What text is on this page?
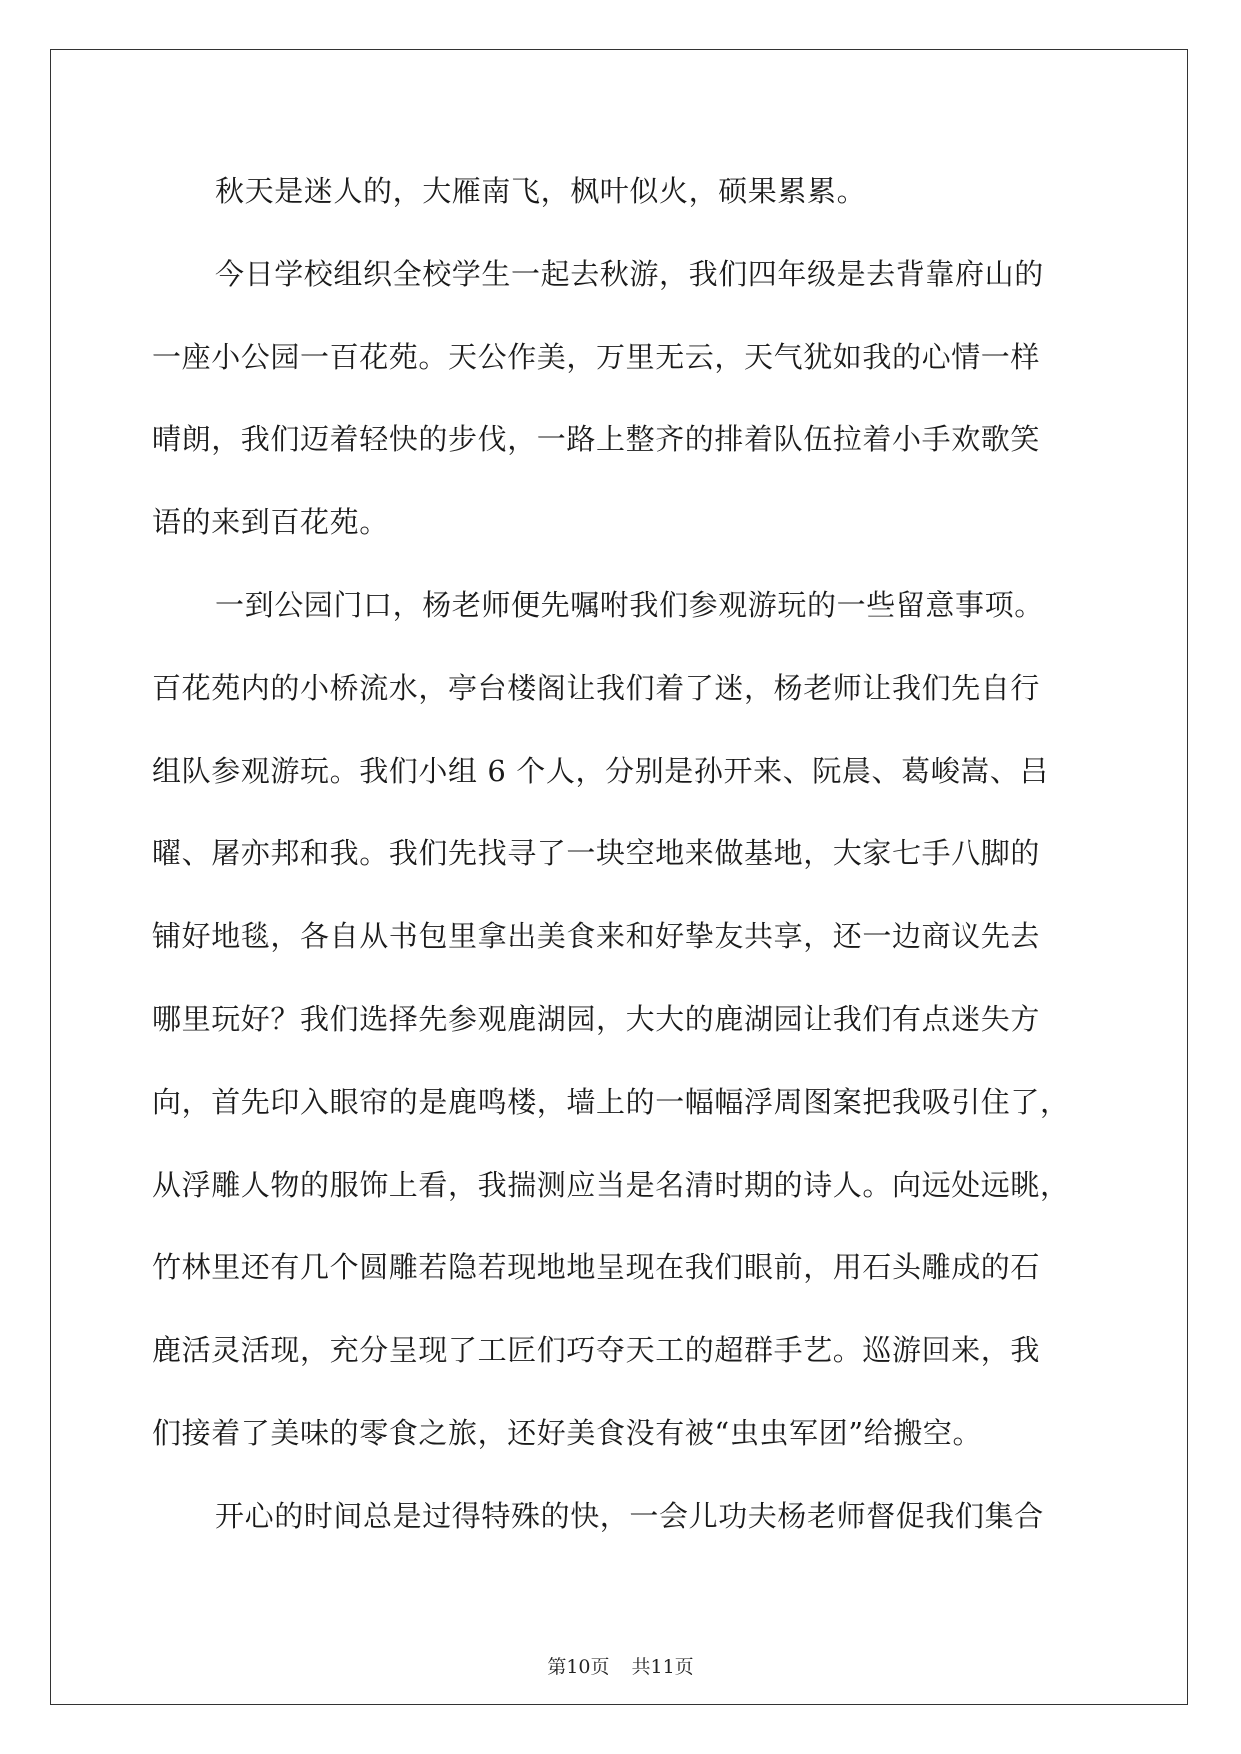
秋天是迷人的，大雁南飞，枫叶似火，硕果累累。
今日学校组织全校学生一起去秋游，我们四年级是去背靠府山的
一座小公园一百花苑。天公作美，万里无云，天气犹如我的心情一样
晴朗，我们迈着轻快的步伐，一路上整齐的排着队伍拉着小手欢歌笑
语的来到百花苑。
一到公园门口，杨老师便先嘱咐我们参观游玩的一些留意事项。
百花苑内的小桥流水，亭台楼阁让我们着了迷，杨老师让我们先自行
组队参观游玩。我们小组 6 个人，分别是孙开来、阮晨、葛峻嵩、吕
曜、屠亦邦和我。我们先找寻了一块空地来做基地，大家七手八脚的
铺好地毯，各自从书包里拿出美食来和好挚友共享，还一边商议先去
哪里玩好？我们选择先参观鹿湖园，大大的鹿湖园让我们有点迷失方
向，首先印入眼帘的是鹿鸣楼，墙上的一幅幅浮周图案把我吸引住了，
从浮雕人物的服饰上看，我揣测应当是名清时期的诗人。向远处远眺，
竹林里还有几个圆雕若隐若现地地呈现在我们眼前，用石头雕成的石
鹿活灵活现，充分呈现了工匠们巧夺天工的超群手艺。巡游回来，我
们接着了美味的零食之旅，还好美食没有被“虫虫军团”给搬空。
开心的时间总是过得特殊的快，一会儿功夫杨老师督促我们集合
第10页 共11页
